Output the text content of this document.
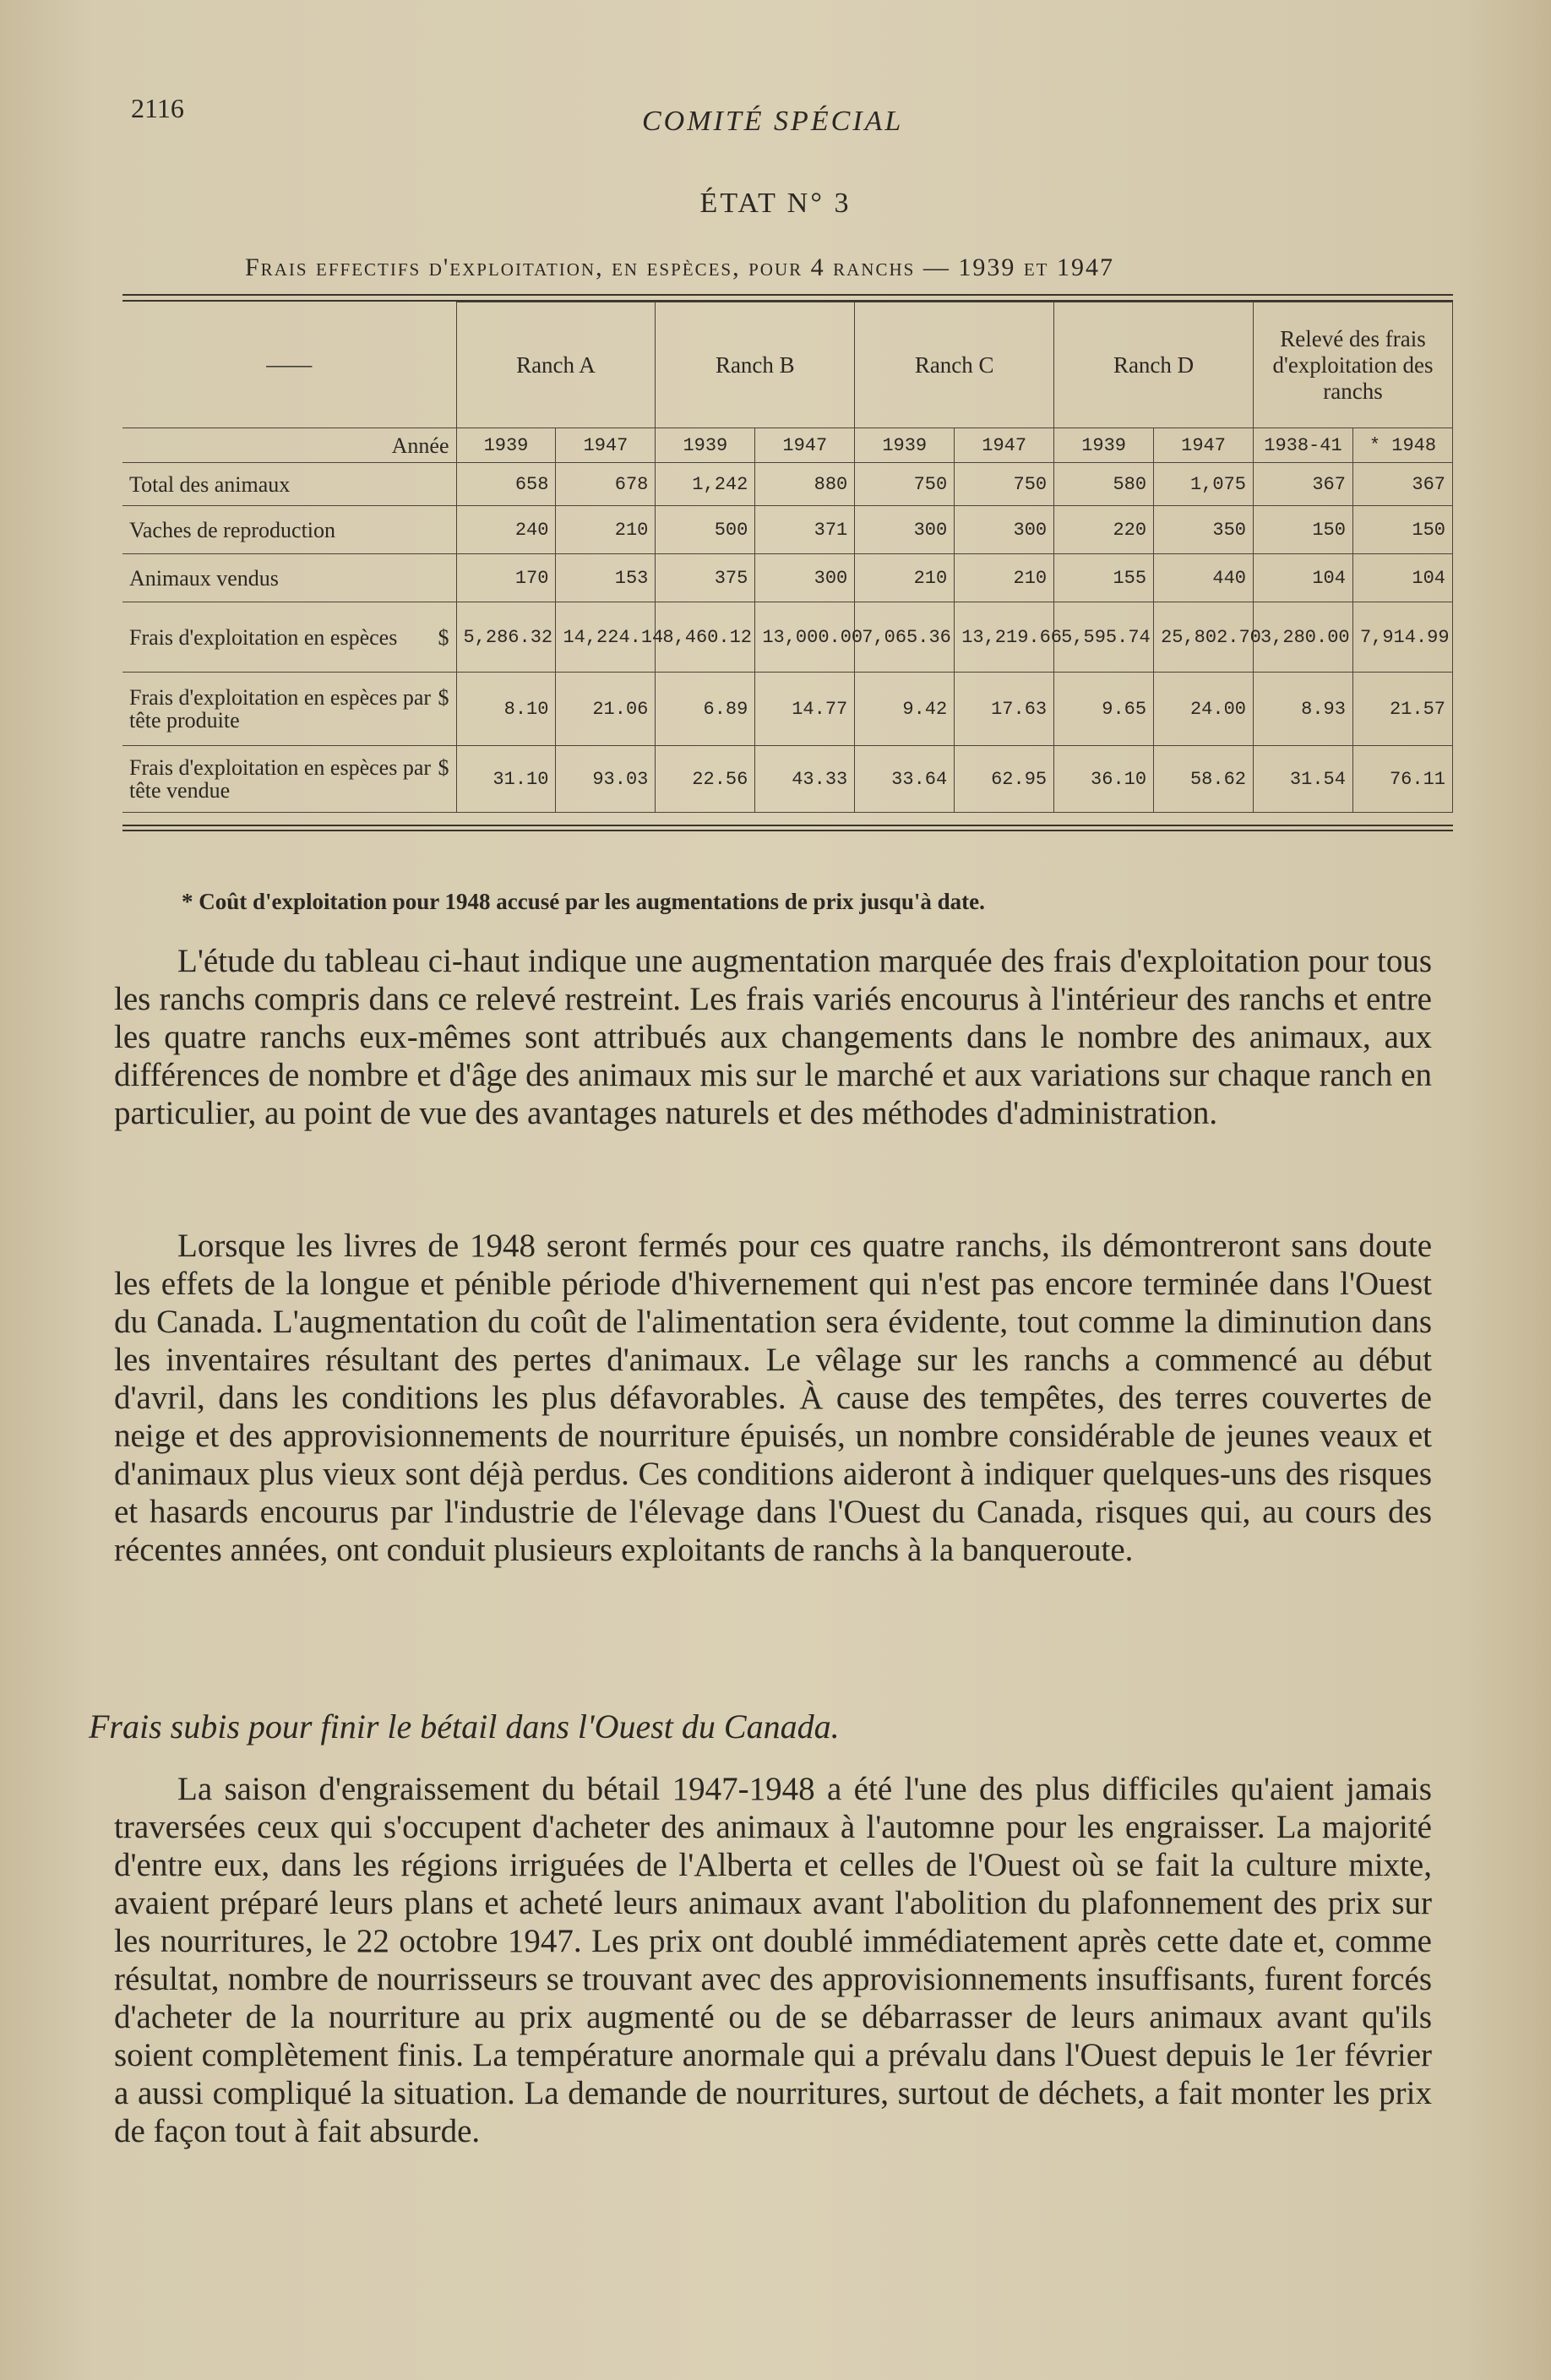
2116	COMITÉ SPÉCIAL
ÉTAT N° 3
Frais effectifs d'exploitation, en espèces, pour 4 ranchs — 1939 et 1947
——	Ranch A		Ranch B		Ranch C		Ranch D		Relevé des frais d'exploitation des ranchs	
Année	1939	1947	1939	1947	1939	1947	1939	1947	1938-41	* 1948

Total des animaux	658	678	1,242	880	750	750	580	1,075	367	367

Vaches de reproduction	240	210	500	371	300	300	220	350	150	150

Animaux vendus	170	153	375	300	210	210	155	440	104	104

$
Frais d'exploitation en espèces	5,286.32	14,224.14	8,460.12	13,000.00	7,065.36	13,219.66	5,595.74	25,802.70	3,280.00	7,914.99

$
Frais d'exploitation en espèces par tête produite	8.10	21.06	6.89	14.77	9.42	17.63	9.65	24.00	8.93	21.57

$
Frais d'exploitation en espèces par tête vendue	31.10	93.03	22.56	43.33	33.64	62.95	36.10	58.62	31.54	76.11
* Coût d'exploitation pour 1948 accusé par les augmentations de prix jusqu'à date.
L'étude du tableau ci-haut indique une augmentation marquée des frais d'exploitation pour tous les ranchs compris dans ce relevé restreint. Les frais variés encourus à l'intérieur des ranchs et entre les quatre ranchs eux-mêmes sont attribués aux changements dans le nombre des animaux, aux différences de nombre et d'âge des animaux mis sur le marché et aux variations sur chaque ranch en particulier, au point de vue des avantages naturels et des méthodes d'administration.
Lorsque les livres de 1948 seront fermés pour ces quatre ranchs, ils démontreront sans doute les effets de la longue et pénible période d'hivernement qui n'est pas encore terminée dans l'Ouest du Canada. L'augmentation du coût de l'alimentation sera évidente, tout comme la diminution dans les inventaires résultant des pertes d'animaux. Le vêlage sur les ranchs a commencé au début d'avril, dans les conditions les plus défavorables. À cause des tempêtes, des terres couvertes de neige et des approvisionnements de nourriture épuisés, un nombre considérable de jeunes veaux et d'animaux plus vieux sont déjà perdus. Ces conditions aideront à indiquer quelques-uns des risques et hasards encourus par l'industrie de l'élevage dans l'Ouest du Canada, risques qui, au cours des récentes années, ont conduit plusieurs exploitants de ranchs à la banqueroute.
Frais subis pour finir le bétail dans l'Ouest du Canada.
La saison d'engraissement du bétail 1947-1948 a été l'une des plus difficiles qu'aient jamais traversées ceux qui s'occupent d'acheter des animaux à l'automne pour les engraisser. La majorité d'entre eux, dans les régions irriguées de l'Alberta et celles de l'Ouest où se fait la culture mixte, avaient préparé leurs plans et acheté leurs animaux avant l'abolition du plafonnement des prix sur les nourritures, le 22 octobre 1947. Les prix ont doublé immédiatement après cette date et, comme résultat, nombre de nourrisseurs se trouvant avec des approvisionnements insuffisants, furent forcés d'acheter de la nourriture au prix augmenté ou de se débarrasser de leurs animaux avant qu'ils soient complètement finis. La température anormale qui a prévalu dans l'Ouest depuis le 1er février a aussi compliqué la situation. La demande de nourritures, surtout de déchets, a fait monter les prix de façon tout à fait absurde.
